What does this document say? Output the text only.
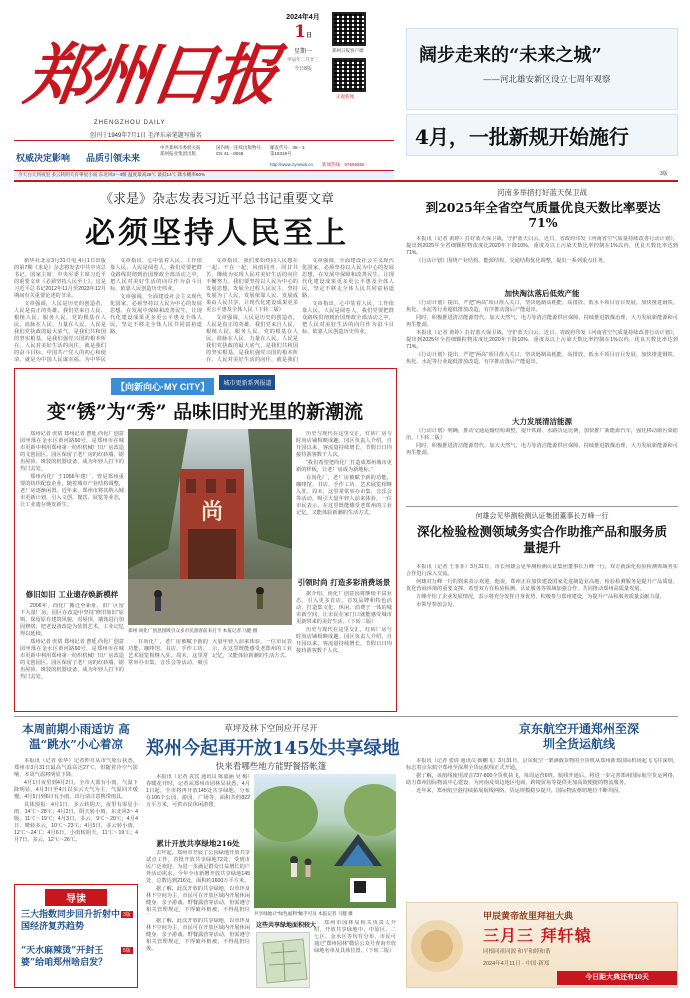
郑州日报
ZHENGZHOU DAILY
创刊于1949年7月1日 毛泽东亲笔题写报名
2024年4月
1日
星期一
甲辰年二月廿三
今日8版
郑州日报客户端
正观新闻
权威决定影响 品质引领未来
中共郑州市委机关报
郑州报业集团出版
国内统一连续出版物号
CN 41－0048
邮发代号：35－3
第16319号
http://www.zynews.cn 新闻热线：67655555
今天白天到夜里 多云转阴天有零星小雨 东北风3～4级 温度最高28℃ 最低14℃ 降水概率60%
阔步走来的“未来之城”
——河北雄安新区设立七周年观察
4月，一批新规开始施行
3版
《求是》杂志发表习近平总书记重要文章
必须坚持人民至上

新华社北京3月31日电 4月1日出版的第7期《求是》杂志将发表中共中央总书记、国家主席、中央军委主席习近平的重要文章《必须坚持人民至上》。这是习近平总书记2012年11月至2023年12月期间有关重要论述的节录。

文章强调，人民是历史的创造者，人民是真正的英雄。我们党来自人民、根植人民、服务人民，党的根基在人民、血脉在人民、力量在人民。人民是我们党执政的最大底气，是我们共和国的坚实根基，是我们强党兴国的根本所在。人民对美好生活的向往，就是我们的奋斗目标。中国共产党人的初心和使命，就是为中国人民谋幸福，为中华民

文章指出，心中装着人民，工作依靠人民。人民是阅卷人，我们党要把群众路线贯彻到治国理政全部活动之中，把人民对美好生活的向往作为奋斗目标，依靠人民创造历史伟业。

文章强调，全面建设社会主义现代化国家，必须坚持以人民为中心的发展思想，在发展中保障和改善民生，让现代化建设成果更多更公平惠及全体人民，坚定不移走全体人民共同富裕道路。

文章指出，我们要始终同人民想在一起、干在一起，风雨同舟、同甘共苦，继续为实现人民对美好生活的向往不懈努力。我们要坚持以人民为中心的发展思想，发展全过程人民民主，坚持发展为了人民、发展依靠人民、发展成果由人民共享，让现代化建设成果更多更公平惠及全体人民（下转二版）

文章强调，人民是历史的创造者，人民是真正的英雄。我们党来自人民、根植人民、服务人民，党的根基在人民、血脉在人民、力量在人民。人民是我们党执政的最大底气，是我们共和国的坚实根基，是我们强党兴国的根本所在。人民对美好生活的向往，就是我们

文章强调，全面建设社会主义现代化国家，必须坚持以人民为中心的发展思想，在发展中保障和改善民生，让现代化建设成果更多更公平惠及全体人民，坚定不移走全体人民共同富裕道路。

文章指出，心中装着人民，工作依靠人民。人民是阅卷人，我们党要把群众路线贯彻到治国理政全部活动之中，把人民对美好生活的向往作为奋斗目标，依靠人民创造历史伟业。

【向新向心·MY CITY】 城市更新系列报道
变“锈”为“秀” 品味旧时光里的新潮流

郑州记者 张倩 郑州记者 曹延 尚化厂创意园坐落在金水区黄河路60号，是郑州市在城市更新中利用郑州第一纺织机械厂旧厂房改造的文创园区。园区保留了老厂房的红砖墙、锯齿屋顶、斑驳的机器设备，成为年轻人打卡的热门去处。

郑州尚化厂于1956年建厂，曾是郑州重要的纺织配套企业。随着城市产业结构调整，老厂房逐渐闲置。近年来，郑州市将其纳入城市更新计划，引入文创、餐饮、展览等业态，让工业遗存焕发新生。

修旧如旧 工业遗存焕新模样

2006年，尚化厂搬迁至新址，旧厂区留下大量厂房。园区在改造中坚持“修旧如旧”原则，保留原有建筑风貌，对屋顶、墙体进行加固修缮，把老设备改造为装置艺术，工业记忆得以延续。

郑州记者 张倩 郑州记者 曹延 尚化厂创意园坐落在金水区黄河路60号，是郑州市在城市更新中利用郑州第一纺织机械厂旧厂房改造的文创园区。园区保留了老厂房的红砖墙、锯齿屋顶、斑驳的机器设备，成为年轻人打卡的热门去处。

尚
郑州·尚化厂创意园吸引众多市民游客前来打卡 本报记者 马健 摄

在尚化厂，老厂房被赋予新的功能，咖啡馆、书店、手作工坊、艺术展览相继入驻。周末，这里常常举办市集、音乐会等活动，吸引大量年轻人前来体验。一位市民表示，在这里既能感受老郑州的工业记忆，又能体验新潮的生活方式。

历史与现代在这里交汇，红砖厂房与时尚店铺相映成趣。园区负责人介绍，自开园以来，客流量持续增长，节假日日均接待游客数千人次。

“我们希望把尚化厂打造成郑州城市更新的样板，让老厂房成为新地标。”

在尚化厂，老厂房被赋予新的功能，咖啡馆、书店、手作工坊、艺术展览相继入驻。周末，这里常常举办市集、音乐会等活动，吸引大量年轻人前来体验。一位市民表示，在这里既能感受老郑州的工业记忆，又能体验新潮的生活方式。

引领时尚 打造多彩消费场景

据介绍，尚化厂创意园将继续丰富业态，引入更多首店、首发品牌和特色活动，打造集文化、休闲、消费于一体的城市新空间，让市民在家门口就能感受城市更新带来的美好生活。（下转二版）

历史与现代在这里交汇，红砖厂房与时尚店铺相映成趣。园区负责人介绍，自开园以来，客流量持续增长，节假日日均接待游客数千人次。

河南多举措打好蓝天保卫战
到2025年全省空气质量优良天数比率要达71%

本报讯（记者 黄婷）打好蓝天保卫战，守护蓝天白云。近日，省政府印发《河南省空气质量持续改善行动计划》，提出到2025年全省细颗粒物浓度比2020年下降10%，重度及以上污染天数比率控制在1%以内，优良天数比率达到71%。

《行动计划》围绕产业结构、能源结构、交通结构优化调整，提出一系列重点任务。

加快淘汰落后低效产能

《行动计划》提出，严把“两高”项目准入关口，坚决遏制高耗能、高排放、低水平项目盲目发展。加快推进钢铁、焦化、水泥等行业超低排放改造，有序推动落后产能退出。

同时，积极推进清洁能源替代，加大天然气、电力等清洁能源供应保障，持续推进散煤治理，大力发展新能源和可再生能源。

本报讯（记者 黄婷）打好蓝天保卫战，守护蓝天白云。近日，省政府印发《河南省空气质量持续改善行动计划》，提出到2025年全省细颗粒物浓度比2020年下降10%，重度及以上污染天数比率控制在1%以内，优良天数比率达到71%。

《行动计划》提出，严把“两高”项目准入关口，坚决遏制高耗能、高排放、低水平项目盲目发展。加快推进钢铁、焦化、水泥等行业超低排放改造，有序推动落后产能退出。

大力发展清洁能源

《行动计划》明确，推动交通运输结构调整，提升铁路、水路货运比例，加快推广新能源汽车，强化移动源污染防治。（下转二版）

同时，积极推进清洁能源替代，加大天然气、电力等清洁能源供应保障，持续推进散煤治理，大力发展新能源和可再生能源。

何雄会见华测检测认证集团董事长万峰一行
深化检验检测领域务实合作助推产品和服务质量提升

本报讯（记者 王菲菲）3月31日，市长何雄会见华测检测认证集团董事长万峰一行，双方就深化检验检测领域务实合作进行深入交流。

何雄对万峰一行的到来表示欢迎。他说，郑州正在加快建设国家先进制造业高地，检验检测服务是提升产品质量、优化营商环境的重要支撑。希望双方在检验检测、认证服务等领域加强合作，共同推动郑州高质量发展。

万峰介绍了企业发展情况，表示将充分发挥自身优势，积极参与郑州建设，为提升产品和服务质量贡献力量。

市领导参加会见。

本周前期小雨适访 高温“跳水”小心着凉

本报讯（记者 张华）记者昨日从市气象台获悉，郑州市3月31日最高气温高达27℃，但随着冷空气影响，本周气温将明显下降。

4月1日夜里到4月2日，全市大部有小雨，气温下降明显。4月3日至4日以多云天气为主，气温回升缓慢。4月5日到6日有小雨，出行请注意携带雨具。

具体预报：4月1日，多云转阴天，夜里有零星小雨，14℃～28℃；4月2日，阴天转小雨，东北风3～4级，11℃～19℃；4月3日，多云，9℃～20℃；4月4日，晴转多云，10℃～23℃；4月5日，多云转小雨，12℃～24℃；4月6日，小雨转阴天，11℃～19℃；4月7日，多云，12℃～26℃。

导读
三大指数同步回升折射中国经济复苏趋势
3版
“天水麻辣烫”开封王婆”给咱郑州啥启发？
5版
草坪及林下空间应开尽开
郑州今起再开放145处共享绿地
快来看哪些地方能野餐搭帐篷

本报讯（记者 袁宾 通讯员 陈嘉涵 吴 梅）春暖花开时，记者从郑州市园林局获悉，4月1日起，全市将再开放145处共享绿地，分布在106个公园、游园、广场等，面积共约822万平方米，可供市民休闲游憩。

累计开放共享绿地216处

去年起，郑州市开展了公园绿地开放共享试点工作，首批开放共享绿地72处，受到市民广泛欢迎。为进一步满足群众日益增长的户外活动需求，今年全市新增开放共享绿地145处，总数达到216处，面积约1600万平方米。

据了解，此次开放的共享绿地，以草坪及林下空间为主，市民可在开放区域内开展休闲健身、亲子游戏、野餐露营等活动，但需遵守相关管理规定，不得破坏植被，不得乱扔垃

共享绿地让“绿色福利”触手可及 本报记者 马健 摄
这些共享绿地面积较大	郑州市园林局相关负责人介绍，开放共享绿地中，中原区、二七区、金水区等均有分布，市民可通过“郑州园林”微信公众号查询开放绿地名单及具体位置。（下转二版）

据了解，此次开放的共享绿地，以草坪及林下空间为主，市民可在开放区域内开展休闲健身、亲子游戏、野餐露营等活动，但需遵守相关管理规定，不得破坏植被，不得乱扔垃圾。

京东航空开通郑州至深圳全货运航线

本报讯（记者 张倩 通讯员 韩鹏飞）3月31日，京东航空一架满载货物的全货机从郑州新郑国际机场起飞飞往深圳，标志着京东航空郑州至深圳全货运航线正式开通。

据了解，该航线使用波音737-800全货机执飞，每周运营6班。航线开通后，将进一步完善郑州国际航空货运网络，助力郑州国际物流中心建设，为河南及周边地区电商、跨境贸易等提供更加高效便捷的物流服务。

近年来，郑州航空港持续拓展航线网络，货运规模稳步提升，国际物流枢纽地位不断巩固。

甲辰黄帝故里拜祖大典
三月三 拜轩辕
同根同祖同源 和平和睦和谐
2024年4月11日 · 中国·新郑
今日距大典还有10天
